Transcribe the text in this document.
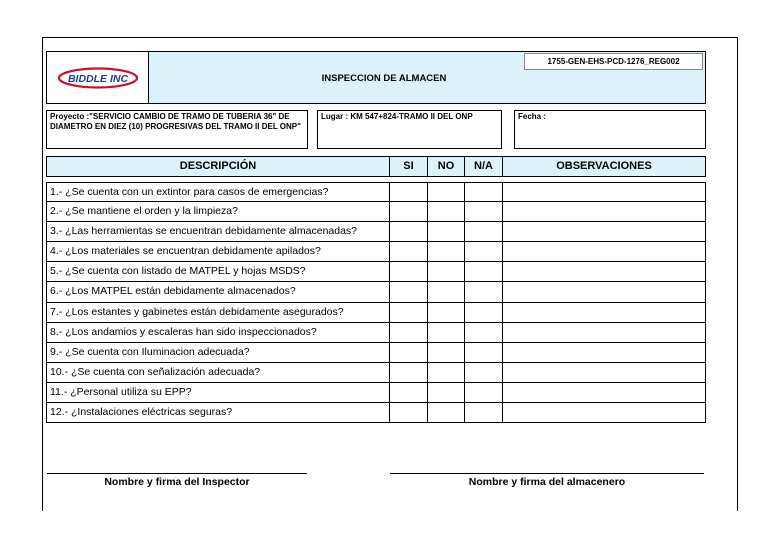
BIDDLE INC	INSPECCION DE ALMACEN
1755-GEN-EHS-PCD-1276_REG002
Proyecto :"SERVICIO CAMBIO DE TRAMO DE TUBERIA 36" DE DIAMETRO EN DIEZ (10) PROGRESIVAS DEL TRAMO II DEL ONP"
Lugar : KM 547+824-TRAMO II DEL ONP	Fecha :
DESCRIPCIÓN	SI	NO	N/A	OBSERVACIONES
1.- ¿Se cuenta con un extintor para casos de emergencias?
2.- ¿Se mantiene el orden y la limpieza?
3.- ¿Las herramientas se encuentran debidamente almacenadas?
4.- ¿Los materiales se encuentran debidamente apilados?
5.- ¿Se cuenta con listado de MATPEL y hojas MSDS?
6.- ¿Los MATPEL están debidamente almacenados?
7.- ¿Los estantes y gabinetes están debidamente asegurados?
8.- ¿Los andamios y escaleras han sido inspeccionados?
9.- ¿Se cuenta con Iluminacion adecuada?
10.- ¿Se cuenta con señalización adecuada?
11.- ¿Personal utiliza su EPP?
12.- ¿Instalaciones eléctricas seguras?
Nombre y firma del Inspector	Nombre y firma del almacenero
